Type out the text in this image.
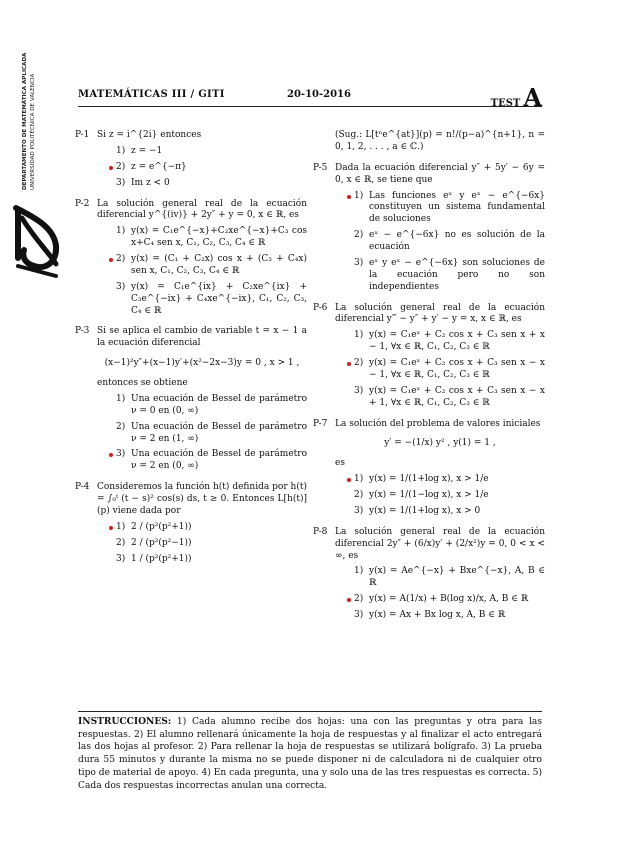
DEPARTAMENTO DE MATEMÁTICA APLICADA UNIVERSIDAD POLITÉCNICA DE VALENCIA	MATEMÁTICAS III / GITI	20-10-2016
TEST A
P-1 Si z = i^{2i} entonces
1) z = −1
2) z = e^{−π}
3) Im z < 0
P-2 La solución general real de la ecuación diferencial y^{(iv)} + 2y″ + y = 0, x ∈ ℝ, es
1) y(x) = C₁e^{−x}+C₂xe^{−x}+C₃ cos x+C₄ sen x, C₁, C₂, C₃, C₄ ∈ ℝ
2) y(x) = (C₁ + C₂x) cos x + (C₃ + C₄x) sen x, C₁, C₂, C₃, C₄ ∈ ℝ
3) y(x) = C₁e^{ix} + C₂xe^{ix} + C₃e^{−ix} + C₄xe^{−ix}, C₁, C₂, C₃, C₄ ∈ ℝ
P-3 Si se aplica el cambio de variable t = x − 1 a la ecuación diferencial
(x−1)²y″+(x−1)y′+(x²−2x−3)y = 0 , x > 1 ,
entonces se obtiene
1) Una ecuación de Bessel de parámetro ν = 0 en (0, ∞)
2) Una ecuación de Bessel de parámetro ν = 2 en (1, ∞)
3) Una ecuación de Bessel de parámetro ν = 2 en (0, ∞)
P-4 Consideremos la función h(t) definida por h(t) = ∫₀ᵗ (t − s)² cos(s) ds, t ≥ 0. Entonces L[h(t)](p) viene dada por
1) 2 / (p²(p²+1))
2) 2 / (p²(p²−1))
3) 1 / (p²(p²+1))
(Sug.: L[tⁿe^{at}](p) = n!/(p−a)^{n+1}, n = 0, 1, 2, . . . , a ∈ ℂ.)
P-5 Dada la ecuación diferencial y″ + 5y′ − 6y = 0, x ∈ ℝ, se tiene que
1) Las funciones eˣ y eˣ − e^{−6x} constituyen un sistema fundamental de soluciones
2) eˣ − e^{−6x} no es solución de la ecuación
3) eˣ y eˣ − e^{−6x} son soluciones de la ecuación pero no son independientes
P-6 La solución general real de la ecuación diferencial y‴ − y″ + y′ − y = x, x ∈ ℝ, es
1) y(x) = C₁eˣ + C₂ cos x + C₃ sen x + x − 1, ∀x ∈ ℝ, C₁, C₂, C₃ ∈ ℝ
2) y(x) = C₁eˣ + C₂ cos x + C₃ sen x − x − 1, ∀x ∈ ℝ, C₁, C₂, C₃ ∈ ℝ
3) y(x) = C₁eˣ + C₂ cos x + C₃ sen x − x + 1, ∀x ∈ ℝ, C₁, C₂, C₃ ∈ ℝ
P-7 La solución del problema de valores iniciales
y′ = −(1/x) y² , y(1) = 1 ,
es
1) y(x) = 1/(1+log x), x > 1/e
2) y(x) = 1/(1−log x), x > 1/e
3) y(x) = 1/(1+log x), x > 0
P-8 La solución general real de la ecuación diferencial 2y″ + (6/x)y′ + (2/x²)y = 0, 0 < x < ∞, es
1) y(x) = Ae^{−x} + Bxe^{−x}, A, B ∈ ℝ
2) y(x) = A(1/x) + B(log x)/x, A, B ∈ ℝ
3) y(x) = Ax + Bx log x, A, B ∈ ℝ
INSTRUCCIONES: 1) Cada alumno recibe dos hojas: una con las preguntas y otra para las respuestas. 2) El alumno rellenará únicamente la hoja de respuestas y al finalizar el acto entregará las dos hojas al profesor. 2) Para rellenar la hoja de respuestas se utilizará bolígrafo. 3) La prueba dura 55 minutos y durante la misma no se puede disponer ni de calculadora ni de cualquier otro tipo de material de apoyo. 4) En cada pregunta, una y solo una de las tres respuestas es correcta. 5) Cada dos respuestas incorrectas anulan una correcta.
